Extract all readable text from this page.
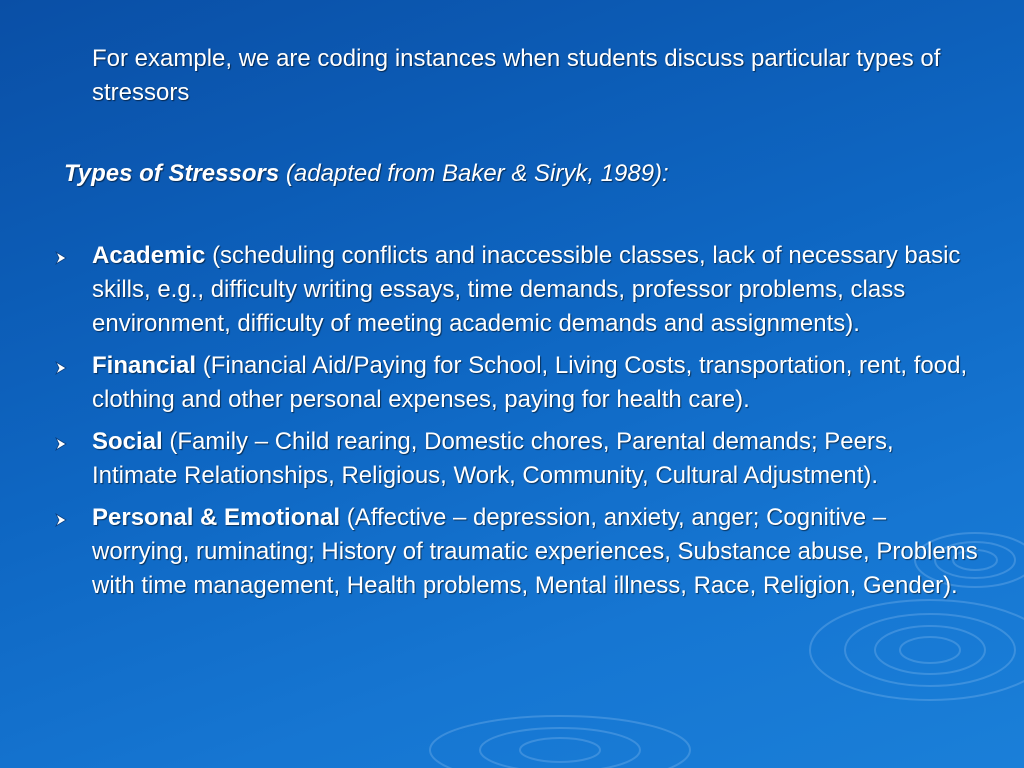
For example, we are coding instances when students discuss particular types of stressors
Types of Stressors (adapted from Baker & Siryk, 1989):
Academic (scheduling conflicts and inaccessible classes, lack of necessary basic skills, e.g., difficulty writing essays, time demands, professor problems, class environment, difficulty of meeting academic demands and assignments).
Financial (Financial Aid/Paying for School, Living Costs, transportation, rent, food, clothing and other personal expenses, paying for health care).
Social (Family – Child rearing, Domestic chores, Parental demands; Peers, Intimate Relationships, Religious, Work, Community, Cultural Adjustment).
Personal & Emotional (Affective – depression, anxiety, anger; Cognitive – worrying, ruminating; History of traumatic experiences, Substance abuse, Problems with time management, Health problems, Mental illness, Race, Religion, Gender).
